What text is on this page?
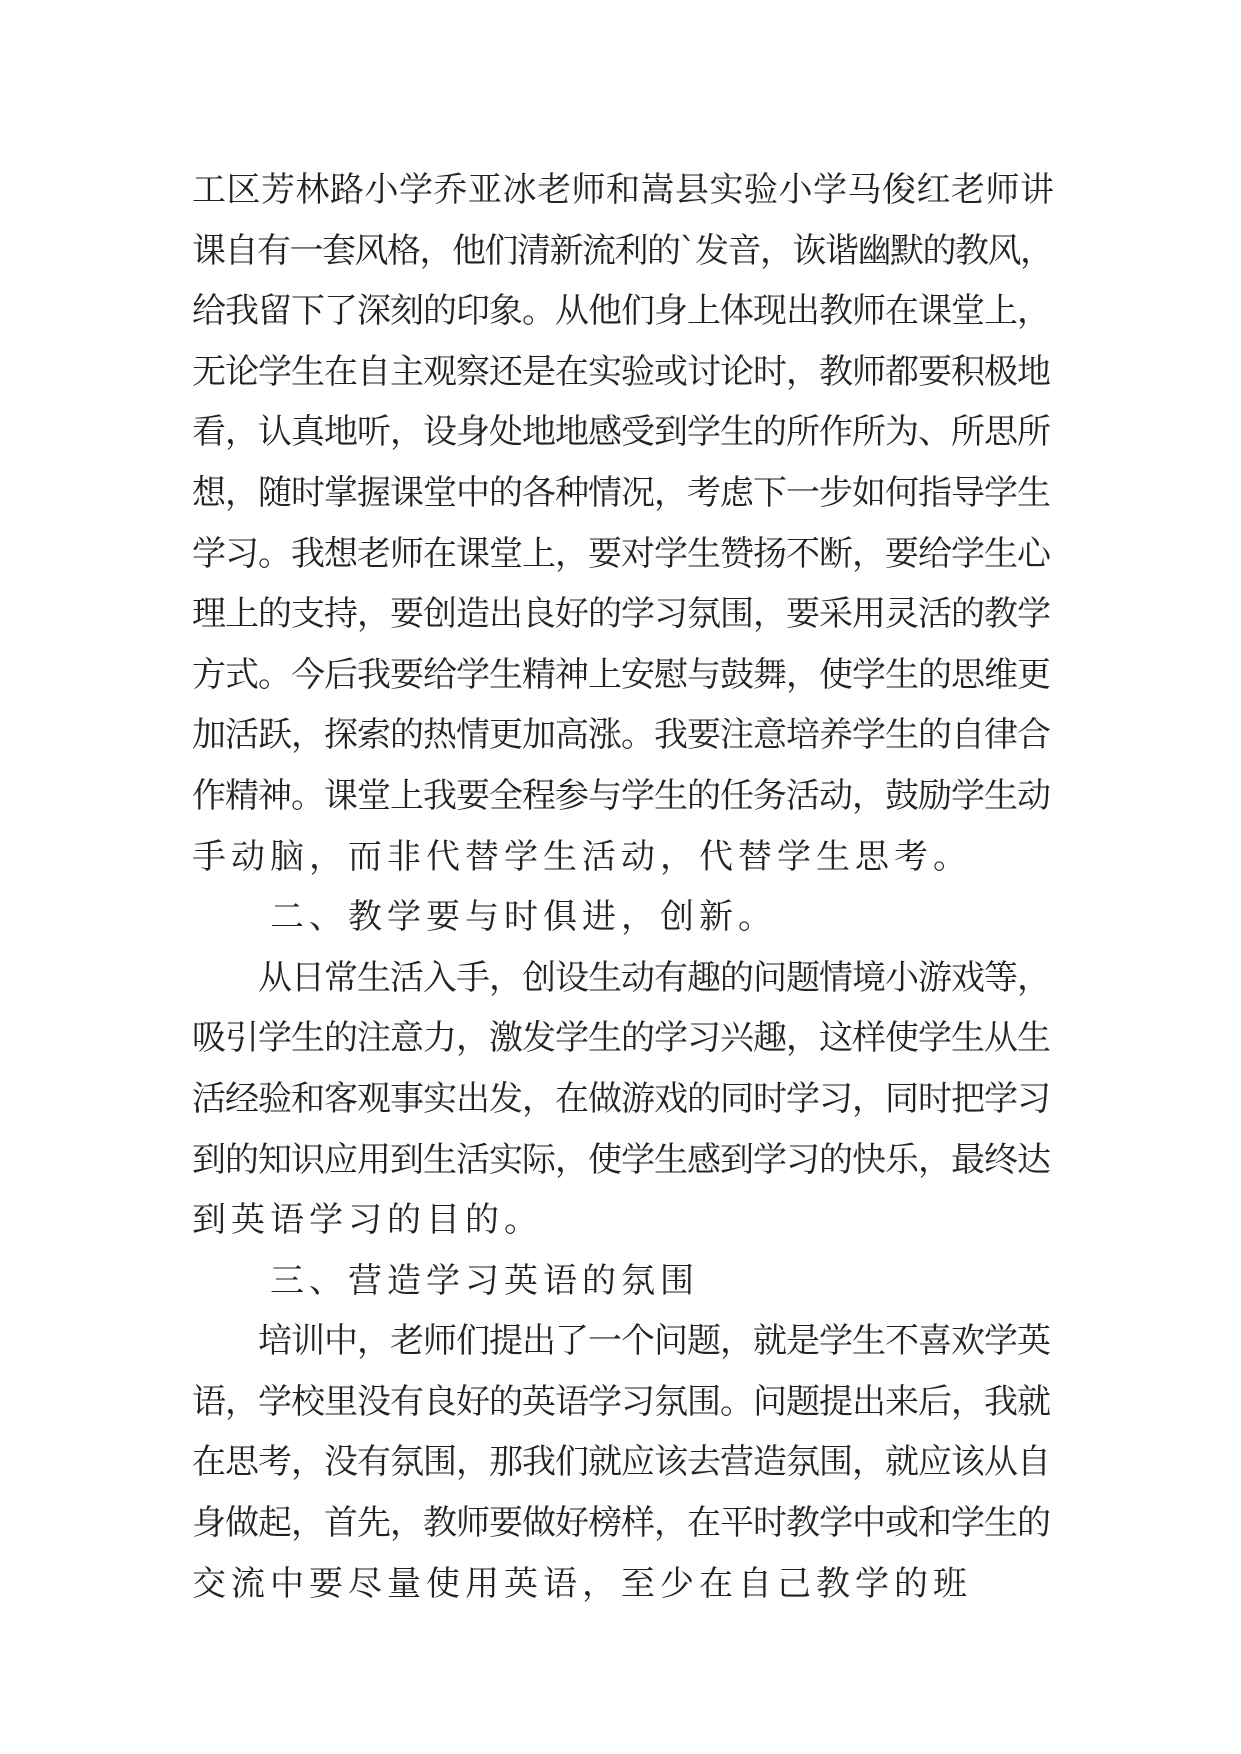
工区芳林路小学乔亚冰老师和嵩县实验小学马俊红老师讲
课自有一套风格，他们清新流利的`发音，诙谐幽默的教风，
给我留下了深刻的印象。从他们身上体现出教师在课堂上，
无论学生在自主观察还是在实验或讨论时，教师都要积极地
看，认真地听，设身处地地感受到学生的所作所为、所思所
想，随时掌握课堂中的各种情况，考虑下一步如何指导学生
学习。我想老师在课堂上，要对学生赞扬不断，要给学生心
理上的支持，要创造出良好的学习氛围，要采用灵活的教学
方式。今后我要给学生精神上安慰与鼓舞，使学生的思维更
加活跃，探索的热情更加高涨。我要注意培养学生的自律合
作精神。课堂上我要全程参与学生的任务活动，鼓励学生动
手动脑，而非代替学生活动，代替学生思考。
　　二、教学要与时俱进，创新。
　　从日常生活入手，创设生动有趣的问题情境小游戏等，
吸引学生的注意力，激发学生的学习兴趣，这样使学生从生
活经验和客观事实出发，在做游戏的同时学习，同时把学习
到的知识应用到生活实际，使学生感到学习的快乐，最终达
到英语学习的目的。
　　三、营造学习英语的氛围
　　培训中，老师们提出了一个问题，就是学生不喜欢学英
语，学校里没有良好的英语学习氛围。问题提出来后，我就
在思考，没有氛围，那我们就应该去营造氛围，就应该从自
身做起，首先，教师要做好榜样，在平时教学中或和学生的
交流中要尽量使用英语，至少在自己教学的班
